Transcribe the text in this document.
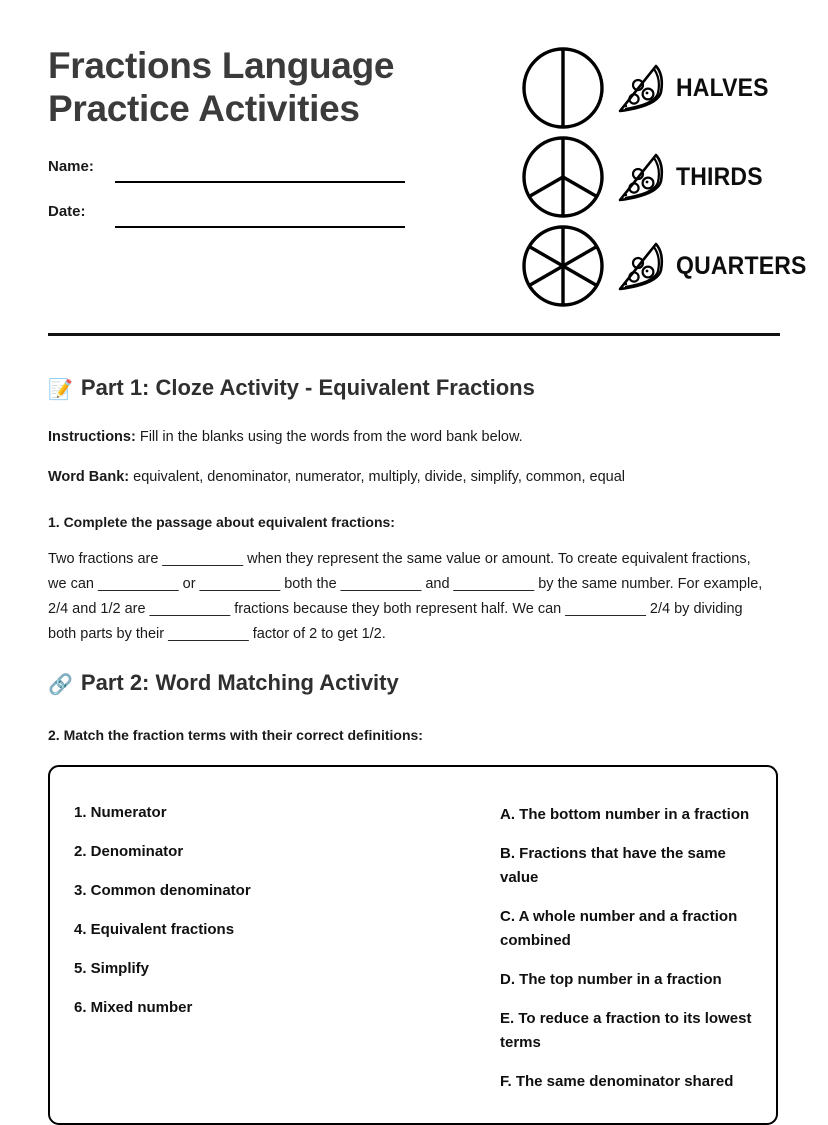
Fractions Language
Practice Activities
Name:
Date:
HALVES
THIRDS
QUARTERS
📝 Part 1: Cloze Activity - Equivalent Fractions
Instructions: Fill in the blanks using the words from the word bank below.
Word Bank: equivalent, denominator, numerator, multiply, divide, simplify, common, equal
1. Complete the passage about equivalent fractions:
Two fractions are __________ when they represent the same value or amount. To create equivalent fractions, we can __________ or __________ both the __________ and __________ by the same number. For example, 2/4 and 1/2 are __________ fractions because they both represent half. We can __________ 2/4 by dividing both parts by their __________ factor of 2 to get 1/2.
🔗 Part 2: Word Matching Activity
2. Match the fraction terms with their correct definitions:
1. Numerator
2. Denominator
3. Common denominator
4. Equivalent fractions
5. Simplify
6. Mixed number
A. The bottom number in a fraction
B. Fractions that have the same value
C. A whole number and a fraction combined
D. The top number in a fraction
E. To reduce a fraction to its lowest terms
F. The same denominator shared
